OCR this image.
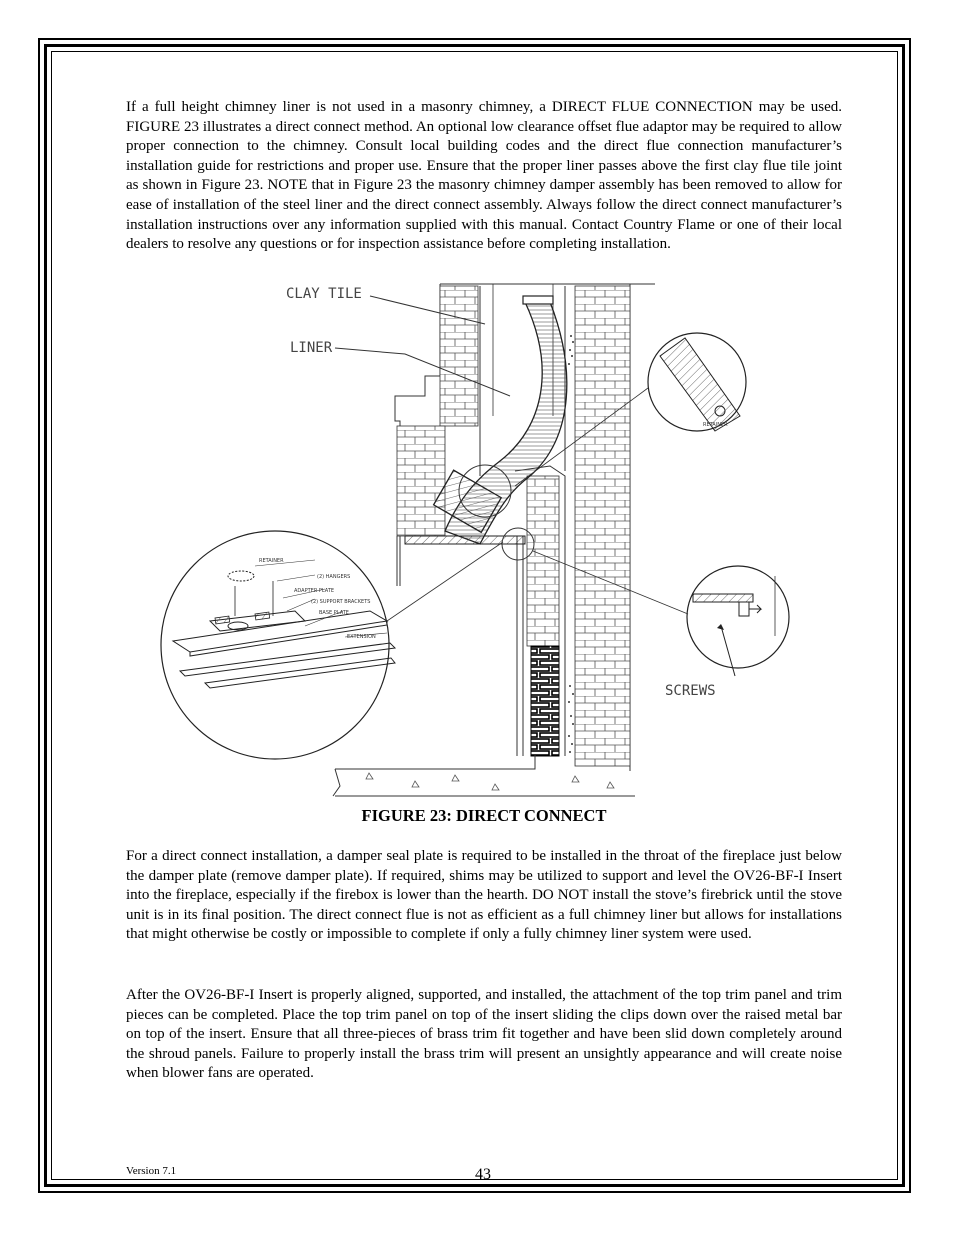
If a full height chimney liner is not used in a masonry chimney, a DIRECT FLUE CONNECTION may be used. FIGURE 23 illustrates a direct connect method. An optional low clearance offset flue adaptor may be required to allow proper connection to the chimney. Consult local building codes and the direct flue connection manufacturer’s installation guide for restrictions and proper use. Ensure that the proper liner passes above the first clay flue tile joint as shown in Figure 23. NOTE that in Figure 23 the masonry chimney damper assembly has been removed to allow for ease of installation of the steel liner and the direct connect assembly. Always follow the direct connect manufacturer’s installation instructions over any information supplied with this manual. Contact Country Flame or one of their local dealers to resolve any questions or for inspection assistance before completing installation.

CLAY TILE
LINER
RETAINER
SCREWS
RETAINER
(2) HANGERS
ADAPTER PLATE
(2) SUPPORT BRACKETS
BASE PLATE
EXTENSION

FIGURE 23: DIRECT CONNECT

For a direct connect installation, a damper seal plate is required to be installed in the throat of the fireplace just below the damper plate (remove damper plate). If required, shims may be utilized to support and level the OV26-BF-I Insert into the fireplace, especially if the firebox is lower than the hearth. DO NOT install the stove’s firebrick until the stove unit is in its final position. The direct connect flue is not as efficient as a full chimney liner but allows for installations that might otherwise be costly or impossible to complete if only a fully chimney liner system were used.

After the OV26-BF-I Insert is properly aligned, supported, and installed, the attachment of the top trim panel and trim pieces can be completed. Place the top trim panel on top of the insert sliding the clips down over the raised metal bar on top of the insert. Ensure that all three-pieces of brass trim fit together and have been slid down completely around the shroud panels. Failure to properly install the brass trim will present an unsightly appearance and will create noise when blower fans are operated.

Version 7.1	43
